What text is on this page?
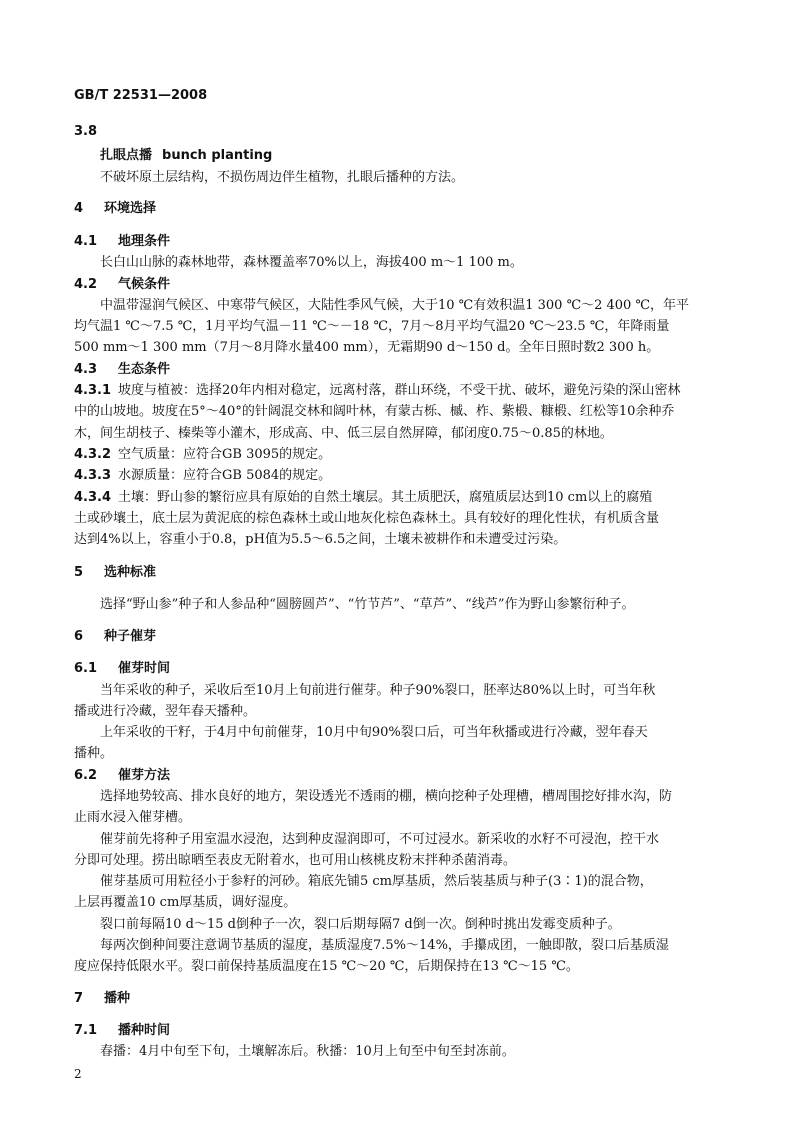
GB/T 22531—2008
3.8
扎眼点播 bunch planting
不破坏原土层结构，不损伤周边伴生植物，扎眼后播种的方法。
4 环境选择
4.1 地理条件
长白山山脉的森林地带，森林覆盖率70%以上，海拔400 m～1 100 m。
4.2 气候条件
中温带湿润气候区、中寒带气候区，大陆性季风气候，大于10 ℃有效积温1 300 ℃～2 400 ℃，年平
均气温1 ℃～7.5 ℃，1月平均气温－11 ℃～－18 ℃，7月～8月平均气温20 ℃～23.5 ℃，年降雨量
500 mm～1 300 mm（7月～8月降水量400 mm），无霜期90 d～150 d。全年日照时数2 300 h。
4.3 生态条件
4.3.1 坡度与植被：选择20年内相对稳定，远离村落，群山环绕，不受干扰、破坏，避免污染的深山密林
中的山坡地。坡度在5°～40°的针阔混交林和阔叶林，有蒙古栎、槭、柞、紫椴、糠椴、红松等10余种乔
木，间生胡枝子、榛柴等小灌木，形成高、中、低三层自然屏障，郁闭度0.75～0.85的林地。
4.3.2 空气质量：应符合GB 3095的规定。
4.3.3 水源质量：应符合GB 5084的规定。
4.3.4 土壤：野山参的繁衍应具有原始的自然土壤层。其土质肥沃，腐殖质层达到10 cm以上的腐殖
土或砂壤土，底土层为黄泥底的棕色森林土或山地灰化棕色森林土。具有较好的理化性状，有机质含量
达到4%以上，容重小于0.8，pH值为5.5～6.5之间，土壤未被耕作和未遭受过污染。
5 选种标准
选择“野山参”种子和人参品种“圆膀圆芦”、“竹节芦”、“草芦”、“线芦”作为野山参繁衍种子。
6 种子催芽
6.1 催芽时间
当年采收的种子，采收后至10月上旬前进行催芽。种子90%裂口，胚率达80%以上时，可当年秋
播或进行冷藏，翌年春天播种。
上年采收的干籽，于4月中旬前催芽，10月中旬90%裂口后，可当年秋播或进行冷藏，翌年春天
播种。
6.2 催芽方法
选择地势较高、排水良好的地方，架设透光不透雨的棚，横向挖种子处理槽，槽周围挖好排水沟，防
止雨水浸入催芽槽。
催芽前先将种子用室温水浸泡，达到种皮湿润即可，不可过浸水。新采收的水籽不可浸泡，控干水
分即可处理。捞出晾晒至表皮无附着水，也可用山核桃皮粉末拌种杀菌消毒。
催芽基质可用粒径小于参籽的河砂。箱底先铺5 cm厚基质，然后装基质与种子(3∶1)的混合物，
上层再覆盖10 cm厚基质，调好湿度。
裂口前每隔10 d～15 d倒种子一次，裂口后期每隔7 d倒一次。倒种时挑出发霉变质种子。
每两次倒种间要注意调节基质的湿度，基质湿度7.5%～14%，手攥成团，一触即散，裂口后基质湿
度应保持低限水平。裂口前保持基质温度在15 ℃～20 ℃，后期保持在13 ℃～15 ℃。
7 播种
7.1 播种时间
春播：4月中旬至下旬，土壤解冻后。秋播：10月上旬至中旬至封冻前。
2
